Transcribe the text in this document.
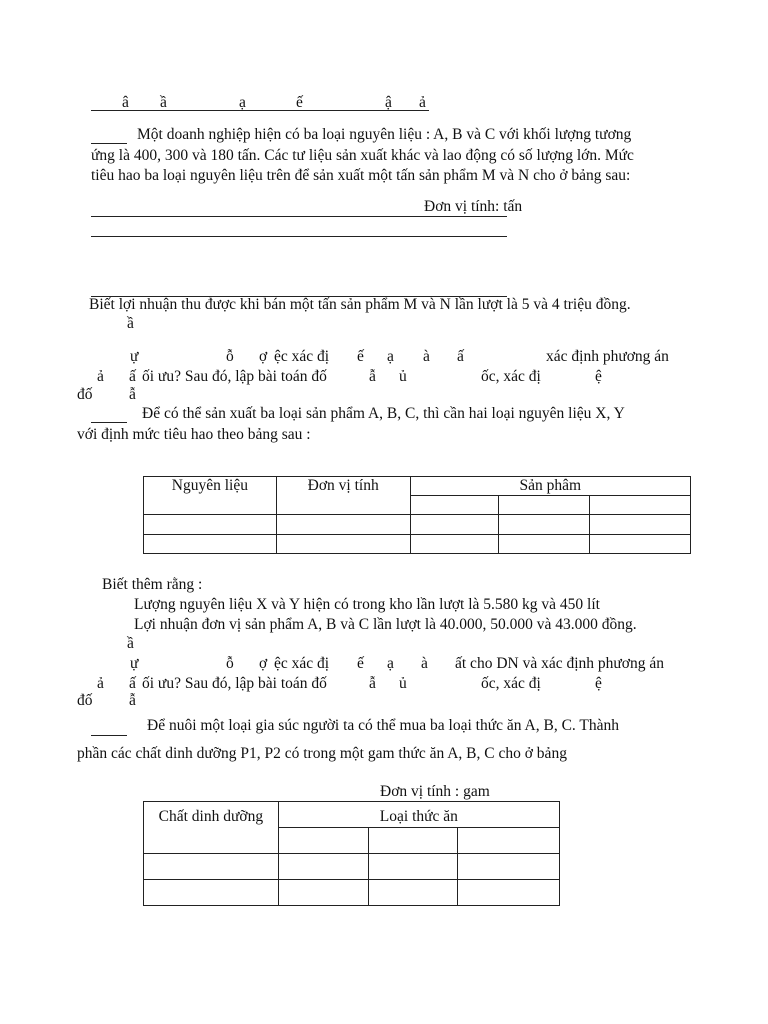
â ầ	ạ	ế	ậ ả
Một doanh nghiệp hiện có ba loại nguyên liệu : A, B và C với khối lượng tương
ứng là 400, 300 và 180 tấn. Các tư liệu sản xuất khác và lao động có số lượng lớn. Mức
tiêu hao ba loại nguyên liệu trên để sản xuất một tấn sản phẩm M và N cho ở bảng sau:
Đơn vị tính: tấn
Biết lợi nhuận thu được khi bán một tấn sản phẩm M và N lần lượt là 5 và 4 triệu đồng.
ầ
ự	ỗ ợ ệc xác đị ế ạ à ấ	xác định phương án
ả ấ ối ưu? Sau đó, lập bài toán đố	ẫ ủ	ốc, xác đị	ệ
đố ẫ
Để có thể sản xuất ba loại sản phẩm A, B, C, thì cần hai loại nguyên liệu X, Y
với định mức tiêu hao theo bảng sau :
Nguyên liệu	Đơn vị tính	Sản phâm		

Biết thêm rằng :
Lượng nguyên liệu X và Y hiện có trong kho lần lượt là 5.580 kg và 450 lít
Lợi nhuận đơn vị sản phẩm A, B và C lần lượt là 40.000, 50.000 và 43.000 đồng.
ầ
ự	ỗ ợ ệc xác đị ế ạ à ất cho DN và xác định phương án
ả ấ ối ưu? Sau đó, lập bài toán đố	ẫ ủ	ốc, xác đị	ệ
đố ẫ
Để nuôi một loại gia súc người ta có thể mua ba loại thức ăn A, B, C. Thành
phần các chất dinh dưỡng P1, P2 có trong một gam thức ăn A, B, C cho ở bảng
Đơn vị tính : gam
Chất dinh dưỡng	Loại thức ăn		
